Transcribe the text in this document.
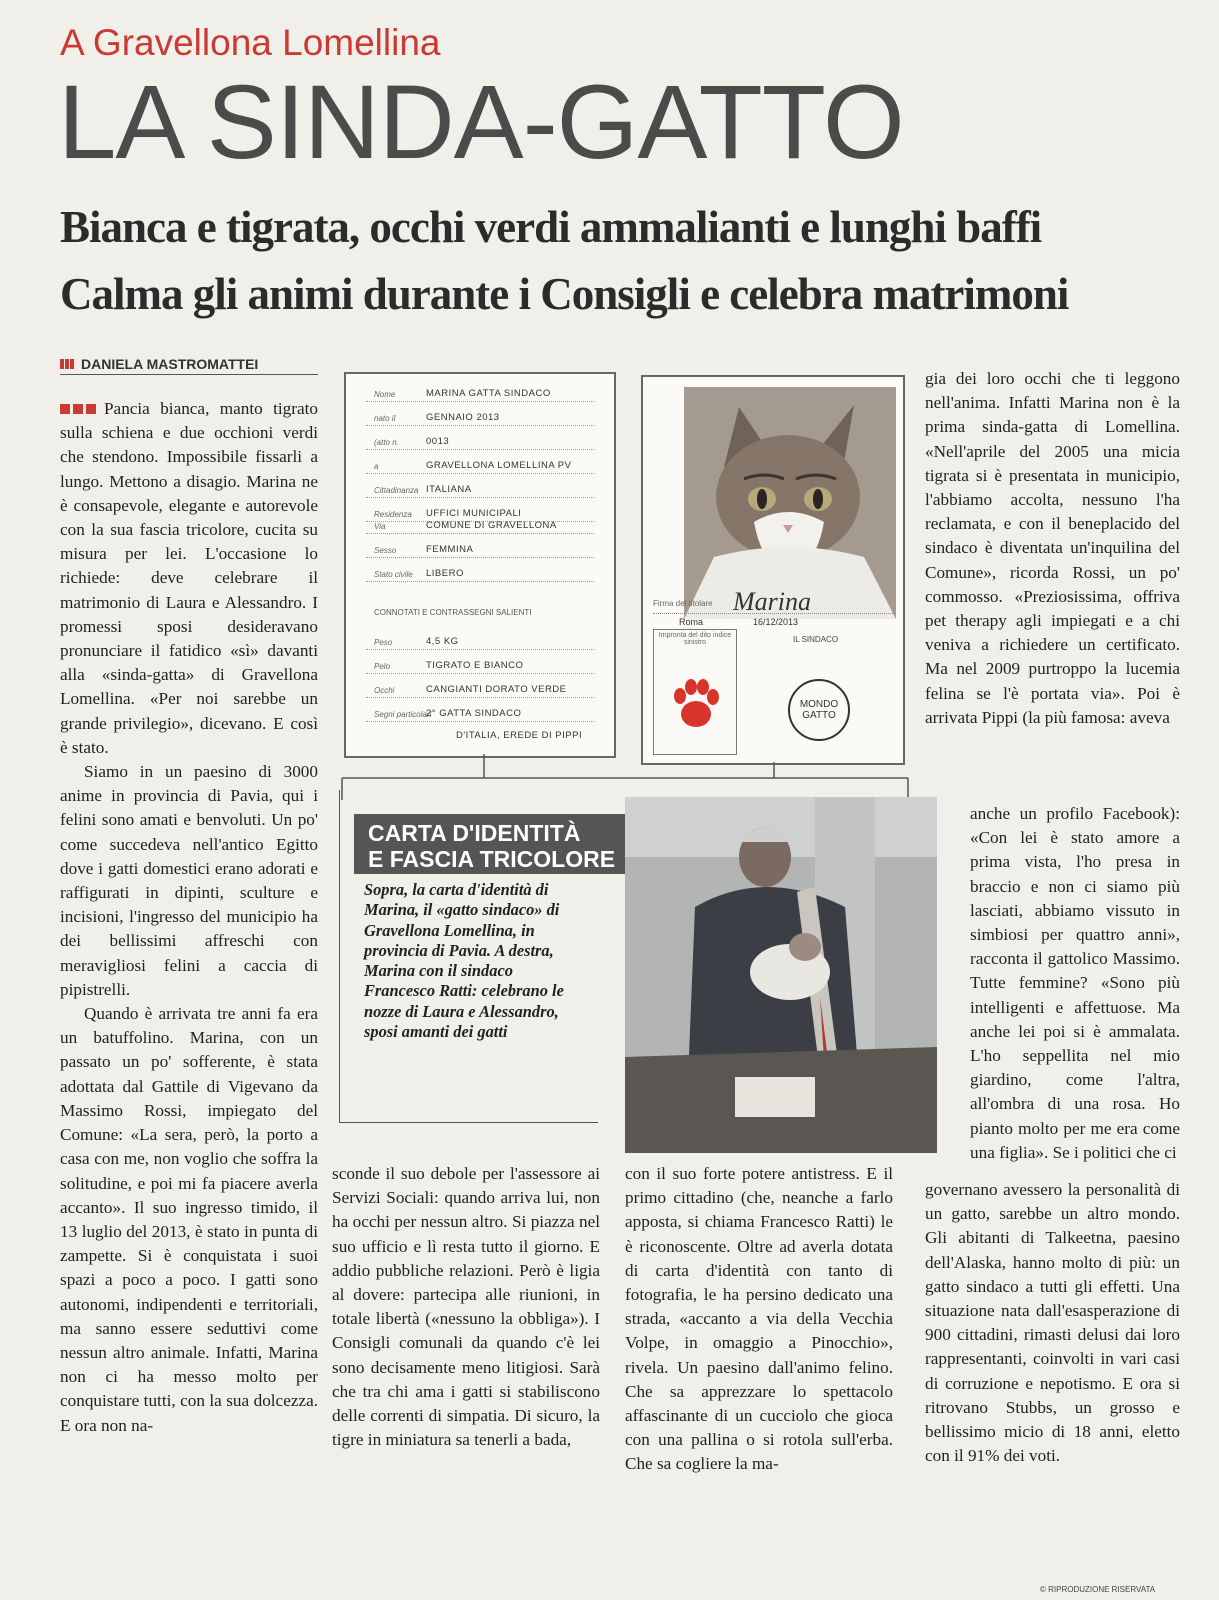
A Gravellona Lomellina
LA SINDA-GATTO
Bianca e tigrata, occhi verdi ammalianti e lunghi baffi
Calma gli animi durante i Consigli e celebra matrimoni
DANIELA MASTROMATTEI

Pancia bianca, manto tigrato sulla schiena e due occhioni verdi che stendono. Impossibile fissarli a lungo. Mettono a disagio. Marina ne è consapevole, elegante e autorevole con la sua fascia tricolore, cucita su misura per lei. L'occasione lo richiede: deve celebrare il matrimonio di Laura e Alessandro. I promessi sposi desideravano pronunciare il fatidico «sì» davanti alla «sinda-gatta» di Gravellona Lomellina. «Per noi sarebbe un grande privilegio», dicevano. E così è stato.

Siamo in un paesino di 3000 anime in provincia di Pavia, qui i felini sono amati e benvoluti. Un po' come succedeva nell'antico Egitto dove i gatti domestici erano adorati e raffigurati in dipinti, sculture e incisioni, l'ingresso del municipio ha dei bellissimi affreschi con meravigliosi felini a caccia di pipistrelli.

Quando è arrivata tre anni fa era un batuffolino. Marina, con un passato un po' sofferente, è stata adottata dal Gattile di Vigevano da Massimo Rossi, impiegato del Comune: «La sera, però, la porto a casa con me, non voglio che soffra la solitudine, e poi mi fa piacere averla accanto». Il suo ingresso timido, il 13 luglio del 2013, è stato in punta di zampette. Si è conquistata i suoi spazi a poco a poco. I gatti sono autonomi, indipendenti e territoriali, ma sanno essere seduttivi come nessun altro animale. Infatti, Marina non ci ha messo molto per conquistare tutti, con la sua dolcezza. E ora non na-

Nome	MARINA GATTA SINDACO
nato il	GENNAIO 2013
(atto n.	0013
a	GRAVELLONA LOMELLINA PV
Cittadinanza ITALIANA
Residenza UFFICI MUNICIPALI
Via	COMUNE DI GRAVELLONA
Sesso	FEMMINA
Stato civile LIBERO
CONNOTATI E CONTRASSEGNI SALIENTI
Peso	4,5 KG
Pelo	TIGRATO E BIANCO
Occhi	CANGIANTI DORATO VERDE
Segni particolari
2° GATTA SINDACO
D'ITALIA, EREDE DI PIPPI
Firma del titolare Marina
Roma	16/12/2013
Impronta del dito indice sinistro	IL SINDACO
MONDO GATTO
CARTA D'IDENTITÀ
E FASCIA TRICOLORE
Sopra, la carta d'identità di Marina, il «gatto sindaco» di Gravellona Lomellina, in provincia di Pavia. A destra, Marina con il sindaco Francesco Ratti: celebrano le nozze di Laura e Alessandro, sposi amanti dei gatti

sconde il suo debole per l'assessore ai Servizi Sociali: quando arriva lui, non ha occhi per nessun altro. Si piazza nel suo ufficio e lì resta tutto il giorno. E addio pubbliche relazioni. Però è ligia al dovere: partecipa alle riunioni, in totale libertà («nessuno la obbliga»). I Consigli comunali da quando c'è lei sono decisamente meno litigiosi. Sarà che tra chi ama i gatti si stabiliscono delle correnti di simpatia. Di sicuro, la tigre in miniatura sa tenerli a bada,

con il suo forte potere antistress. E il primo cittadino (che, neanche a farlo apposta, si chiama Francesco Ratti) le è riconoscente. Oltre ad averla dotata di carta d'identità con tanto di fotografia, le ha persino dedicato una strada, «accanto a via della Vecchia Volpe, in omaggio a Pinocchio», rivela. Un paesino dall'animo felino. Che sa apprezzare lo spettacolo affascinante di un cucciolo che gioca con una pallina o si rotola sull'erba. Che sa cogliere la ma-

gia dei loro occhi che ti leggono nell'anima. Infatti Marina non è la prima sinda-gatta di Lomellina. «Nell'aprile del 2005 una micia tigrata si è presentata in municipio, l'abbiamo accolta, nessuno l'ha reclamata, e con il beneplacido del sindaco è diventata un'inquilina del Comune», ricorda Rossi, un po' commosso. «Preziosissima, offriva pet therapy agli impiegati e a chi veniva a richiedere un certificato. Ma nel 2009 purtroppo la lucemia felina se l'è portata via». Poi è arrivata Pippi (la più famosa: aveva

anche un profilo Facebook): «Con lei è stato amore a prima vista, l'ho presa in braccio e non ci siamo più lasciati, abbiamo vissuto in simbiosi per quattro anni», racconta il gattolico Massimo. Tutte femmine? «Sono più intelligenti e affettuose. Ma anche lei poi si è ammalata. L'ho seppellita nel mio giardino, come l'altra, all'ombra di una rosa. Ho pianto molto per me era come una figlia». Se i politici che ci

governano avessero la personalità di un gatto, sarebbe un altro mondo. Gli abitanti di Talkeetna, paesino dell'Alaska, hanno molto di più: un gatto sindaco a tutti gli effetti. Una situazione nata dall'esasperazione di 900 cittadini, rimasti delusi dai loro rappresentanti, coinvolti in vari casi di corruzione e nepotismo. E ora si ritrovano Stubbs, un grosso e bellissimo micio di 18 anni, eletto con il 91% dei voti.

© RIPRODUZIONE RISERVATA
